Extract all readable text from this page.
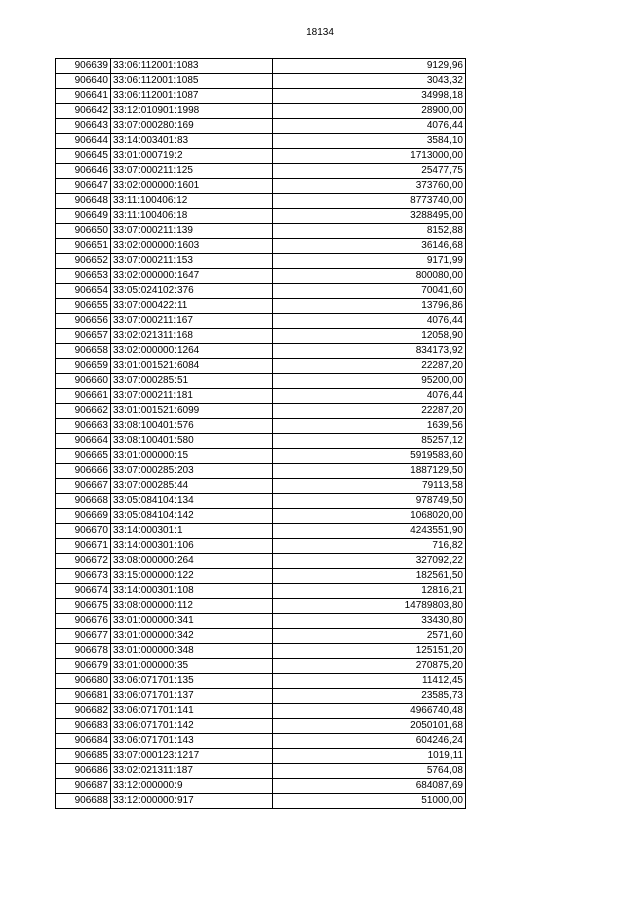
18134
906639	33:06:112001:1083	9129,96
906640	33:06:112001:1085	3043,32
906641	33:06:112001:1087	34998,18
906642	33:12:010901:1998	28900,00
906643	33:07:000280:169	4076,44
906644	33:14:003401:83	3584,10
906645	33:01:000719:2	1713000,00
906646	33:07:000211:125	25477,75
906647	33:02:000000:1601	373760,00
906648	33:11:100406:12	8773740,00
906649	33:11:100406:18	3288495,00
906650	33:07:000211:139	8152,88
906651	33:02:000000:1603	36146,68
906652	33:07:000211:153	9171,99
906653	33:02:000000:1647	800080,00
906654	33:05:024102:376	70041,60
906655	33:07:000422:11	13796,86
906656	33:07:000211:167	4076,44
906657	33:02:021311:168	12058,90
906658	33:02:000000:1264	834173,92
906659	33:01:001521:6084	22287,20
906660	33:07:000285:51	95200,00
906661	33:07:000211:181	4076,44
906662	33:01:001521:6099	22287,20
906663	33:08:100401:576	1639,56
906664	33:08:100401:580	85257,12
906665	33:01:000000:15	5919583,60
906666	33:07:000285:203	1887129,50
906667	33:07:000285:44	79113,58
906668	33:05:084104:134	978749,50
906669	33:05:084104:142	1068020,00
906670	33:14:000301:1	4243551,90
906671	33:14:000301:106	716,82
906672	33:08:000000:264	327092,22
906673	33:15:000000:122	182561,50
906674	33:14:000301:108	12816,21
906675	33:08:000000:112	14789803,80
906676	33:01:000000:341	33430,80
906677	33:01:000000:342	2571,60
906678	33:01:000000:348	125151,20
906679	33:01:000000:35	270875,20
906680	33:06:071701:135	11412,45
906681	33:06:071701:137	23585,73
906682	33:06:071701:141	4966740,48
906683	33:06:071701:142	2050101,68
906684	33:06:071701:143	604246,24
906685	33:07:000123:1217	1019,11
906686	33:02:021311:187	5764,08
906687	33:12:000000:9	684087,69
906688	33:12:000000:917	51000,00
